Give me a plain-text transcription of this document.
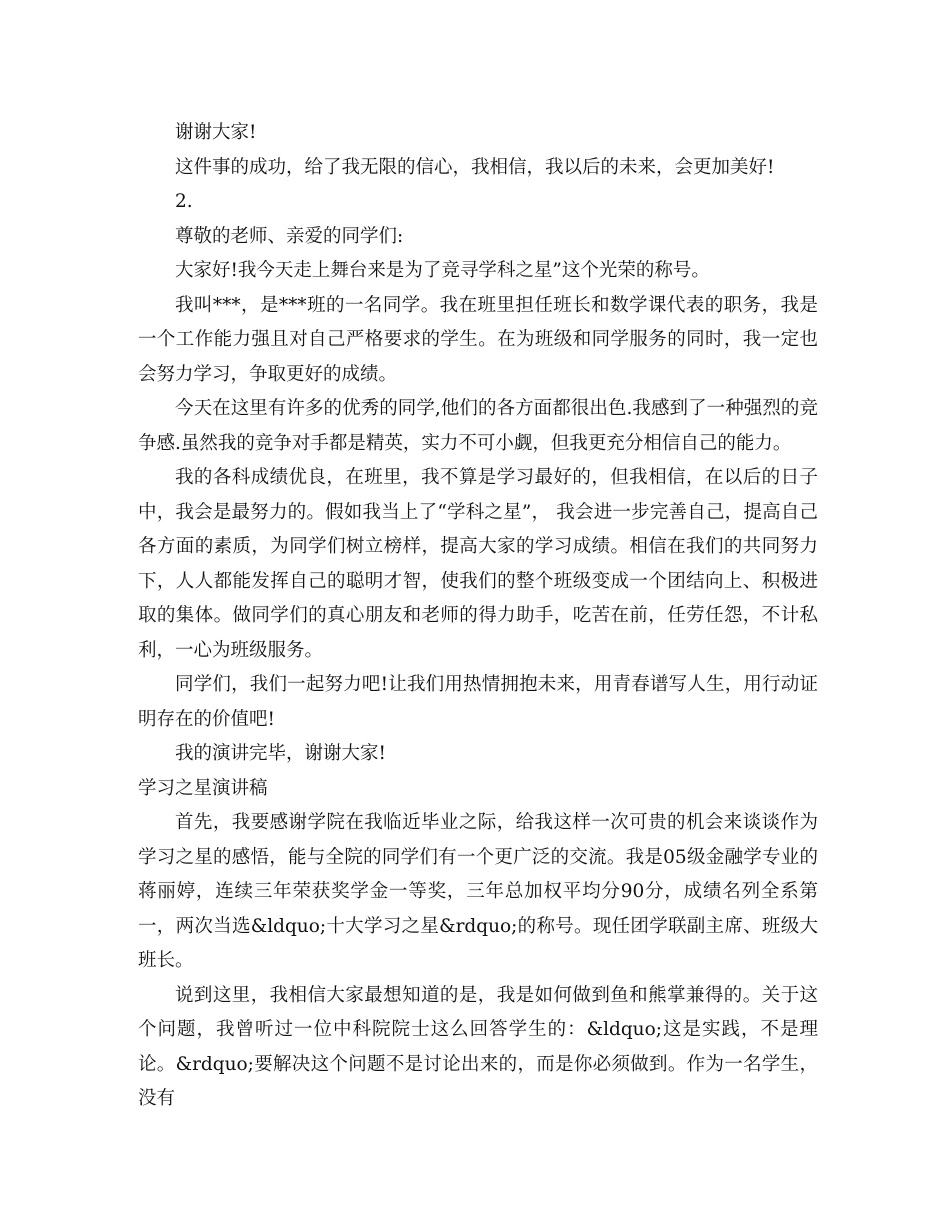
谢谢大家!

这件事的成功，给了我无限的信心，我相信，我以后的未来，会更加美好!

2.

尊敬的老师、亲爱的同学们:

大家好!我今天走上舞台来是为了竞寻学科之星”这个光荣的称号。

我叫***，是***班的一名同学。我在班里担任班长和数学课代表的职务，我是一个工作能力强且对自己严格要求的学生。在为班级和同学服务的同时，我一定也会努力学习，争取更好的成绩。

今天在这里有许多的优秀的同学,他们的各方面都很出色.我感到了一种强烈的竞争感.虽然我的竞争对手都是精英，实力不可小觑，但我更充分相信自己的能力。

我的各科成绩优良，在班里，我不算是学习最好的，但我相信，在以后的日子中，我会是最努力的。假如我当上了“学科之星”， 我会进一步完善自己，提高自己各方面的素质，为同学们树立榜样，提高大家的学习成绩。相信在我们的共同努力下，人人都能发挥自己的聪明才智，使我们的整个班级变成一个团结向上、积极进取的集体。做同学们的真心朋友和老师的得力助手，吃苦在前，任劳任怨，不计私利，一心为班级服务。

同学们，我们一起努力吧!让我们用热情拥抱未来，用青春谱写人生，用行动证明存在的价值吧!

我的演讲完毕，谢谢大家!

学习之星演讲稿

首先，我要感谢学院在我临近毕业之际，给我这样一次可贵的机会来谈谈作为学习之星的感悟，能与全院的同学们有一个更广泛的交流。我是05级金融学专业的蒋丽婷，连续三年荣获奖学金一等奖，三年总加权平均分90分，成绩名列全系第一，两次当选&ldquo;十大学习之星&rdquo;的称号。现任团学联副主席、班级大班长。

说到这里，我相信大家最想知道的是，我是如何做到鱼和熊掌兼得的。关于这个问题，我曾听过一位中科院院士这么回答学生的：&ldquo;这是实践，不是理论。&rdquo;要解决这个问题不是讨论出来的，而是你必须做到。作为一名学生，没有
